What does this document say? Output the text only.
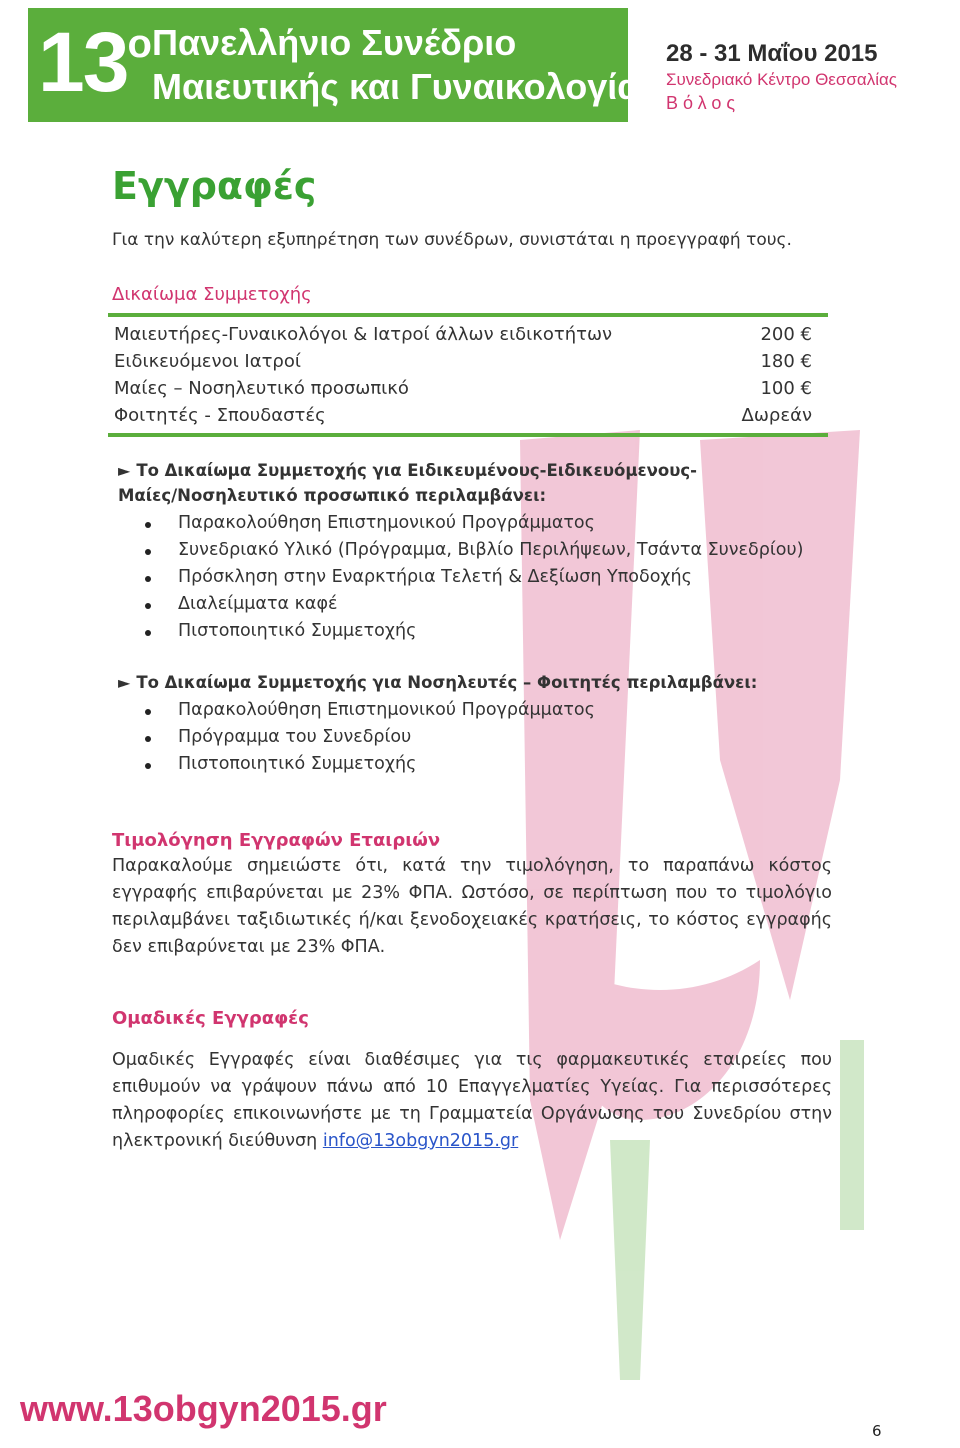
$13^o$ Πανελλήνιο Συνέδριο
Μαιευτικής και Γυναικολογίας
28 - 31 Μαΐου 2015
Συνεδριακό Κέντρο Θεσσαλίας
Βόλος
Εγγραφές

Για την καλύτερη εξυπηρέτηση των συνέδρων, συνιστάται η προεγγραφή τους.

Δικαίωμα Συμμετοχής
Μαιευτήρες-Γυναικολόγοι & Ιατροί άλλων ειδικοτήτων	200 €
Ειδικευόμενοι Ιατροί	180 €
Μαίες – Νοσηλευτικό προσωπικό	100 €
Φοιτητές - Σπουδαστές	Δωρεάν
► Το Δικαίωμα Συμμετοχής για Ειδικευμένους-Ειδικευόμενους-
Μαίες/Νοσηλευτικό προσωπικό περιλαμβάνει:
Παρακολούθηση Επιστημονικού Προγράμματος
Συνεδριακό Υλικό (Πρόγραμμα, Βιβλίο Περιλήψεων, Τσάντα Συνεδρίου)
Πρόσκληση στην Εναρκτήρια Τελετή & Δεξίωση Υποδοχής
Διαλείμματα καφέ
Πιστοποιητικό Συμμετοχής
► Το Δικαίωμα Συμμετοχής για Νοσηλευτές – Φοιτητές περιλαμβάνει:
Παρακολούθηση Επιστημονικού Προγράμματος
Πρόγραμμα του Συνεδρίου
Πιστοποιητικό Συμμετοχής
Τιμολόγηση Εγγραφών Εταιριών

Παρακαλούμε σημειώστε ότι, κατά την τιμολόγηση, το παραπάνω κόστος εγγραφής επιβαρύνεται με 23% ΦΠΑ. Ωστόσο, σε περίπτωση που το τιμολόγιο περιλαμβάνει ταξιδιωτικές ή/και ξενοδοχειακές κρατήσεις, το κόστος εγγραφής δεν επιβαρύνεται με 23% ΦΠΑ.

Ομαδικές Εγγραφές

Ομαδικές Εγγραφές είναι διαθέσιμες για τις φαρμακευτικές εταιρείες που επιθυμούν να γράψουν πάνω από 10 Επαγγελματίες Υγείας. Για περισσότερες πληροφορίες επικοινωνήστε με τη Γραμματεία Οργάνωσης του Συνεδρίου στην ηλεκτρονική διεύθυνση info@13obgyn2015.gr

www.13obgyn2015.gr
6
